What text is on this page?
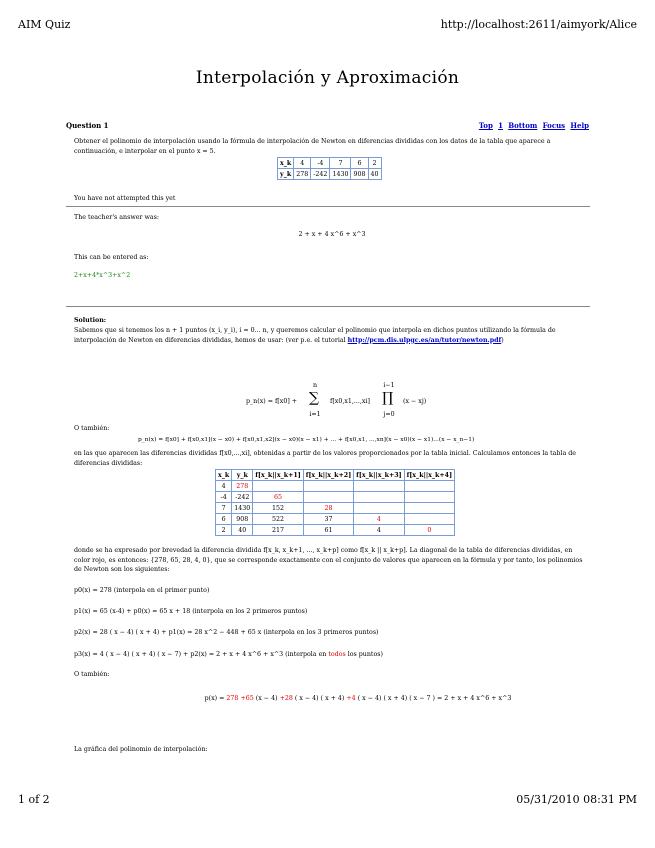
AIM Quiz	http://localhost:2611/aimyork/Alice
Interpolación y Aproximación
Question 1	Top 1 Bottom Focus Help
Obtener el polinomio de interpolación usando la fórmula de interpolación de Newton en diferencias divididas con los datos de la tabla que aparece a continuación, e interpolar en el punto x = 5.
x_k	4	-4	7	6	2
y_k	278	-242	1430	908	40
You have not attempted this yet
The teacher's answer was:
2 + x + 4 x^6 + x^3
This can be entered as:
2+x+4*x^3+x^2
Solution:
Sabemos que si tenemos los n + 1 puntos (x_i, y_i), i = 0... n, y queremos calcular el polinomio que interpola en dichos puntos utilizando la fórmula de interpolación de Newton en diferencias divididas, hemos de usar: (ver p.e. el tutorial http://pcm.dis.ulpgc.es/an/tutor/newton.pdf)
p_n(x) = f[x0] +
n
∑
i=1
f[x0,x1,...,xi]
i−1
∏
j=0
(x − xj)
O también:
p_n(x) = f[x0] + f[x0,x1](x − x0) + f[x0,x1,x2](x − x0)(x − x1) + ... + f[x0,x1, ...,xn](x − x0)(x − x1)...(x − x_n−1)
en las que aparecen las diferencias divididas f[x0,...,xi], obtenidas a partir de los valores proporcionados por la tabla inicial. Calculamos entonces la tabla de diferencias divididas:
x_k	y_k	f[x_k||x_k+1]	f[x_k||x_k+2]	f[x_k||x_k+3]	f[x_k||x_k+4]
4	278				
-4	-242	65			
7	1430	152	28		
6	908	522	37	4	
2	40	217	61	4	0
donde se ha expresado por brevedad la diferencia dividida f[x_k, x_k+1, ..., x_k+p] como f[x_k || x_k+p]. La diagonal de la tabla de diferencias divididas, en color rojo, es entonces: {278, 65, 28, 4, 0}, que se corresponde exactamente con el conjunto de valores que aparecen en la fórmula y por tanto, los polinomios de Newton son los siguientes:
p0(x) = 278 (interpola en el primer punto)
p1(x) = 65 (x-4) + p0(x) = 65 x + 18 (interpola en los 2 primeros puntos)
p2(x) = 28 ( x − 4) ( x + 4) + p1(x) = 28 x^2 − 448 + 65 x (interpola en los 3 primeros puntos)
p3(x) = 4 ( x − 4) ( x + 4) ( x − 7) + p2(x) = 2 + x + 4 x^6 + x^3 (interpola en todos los puntos)
O también:
p(x) = 278 +65 (x − 4) +28 ( x − 4) ( x + 4) +4 ( x − 4) ( x + 4) ( x − 7 ) = 2 + x + 4 x^6 + x^3
La gráfica del polinomio de interpolación:
1 of 2	05/31/2010 08:31 PM
